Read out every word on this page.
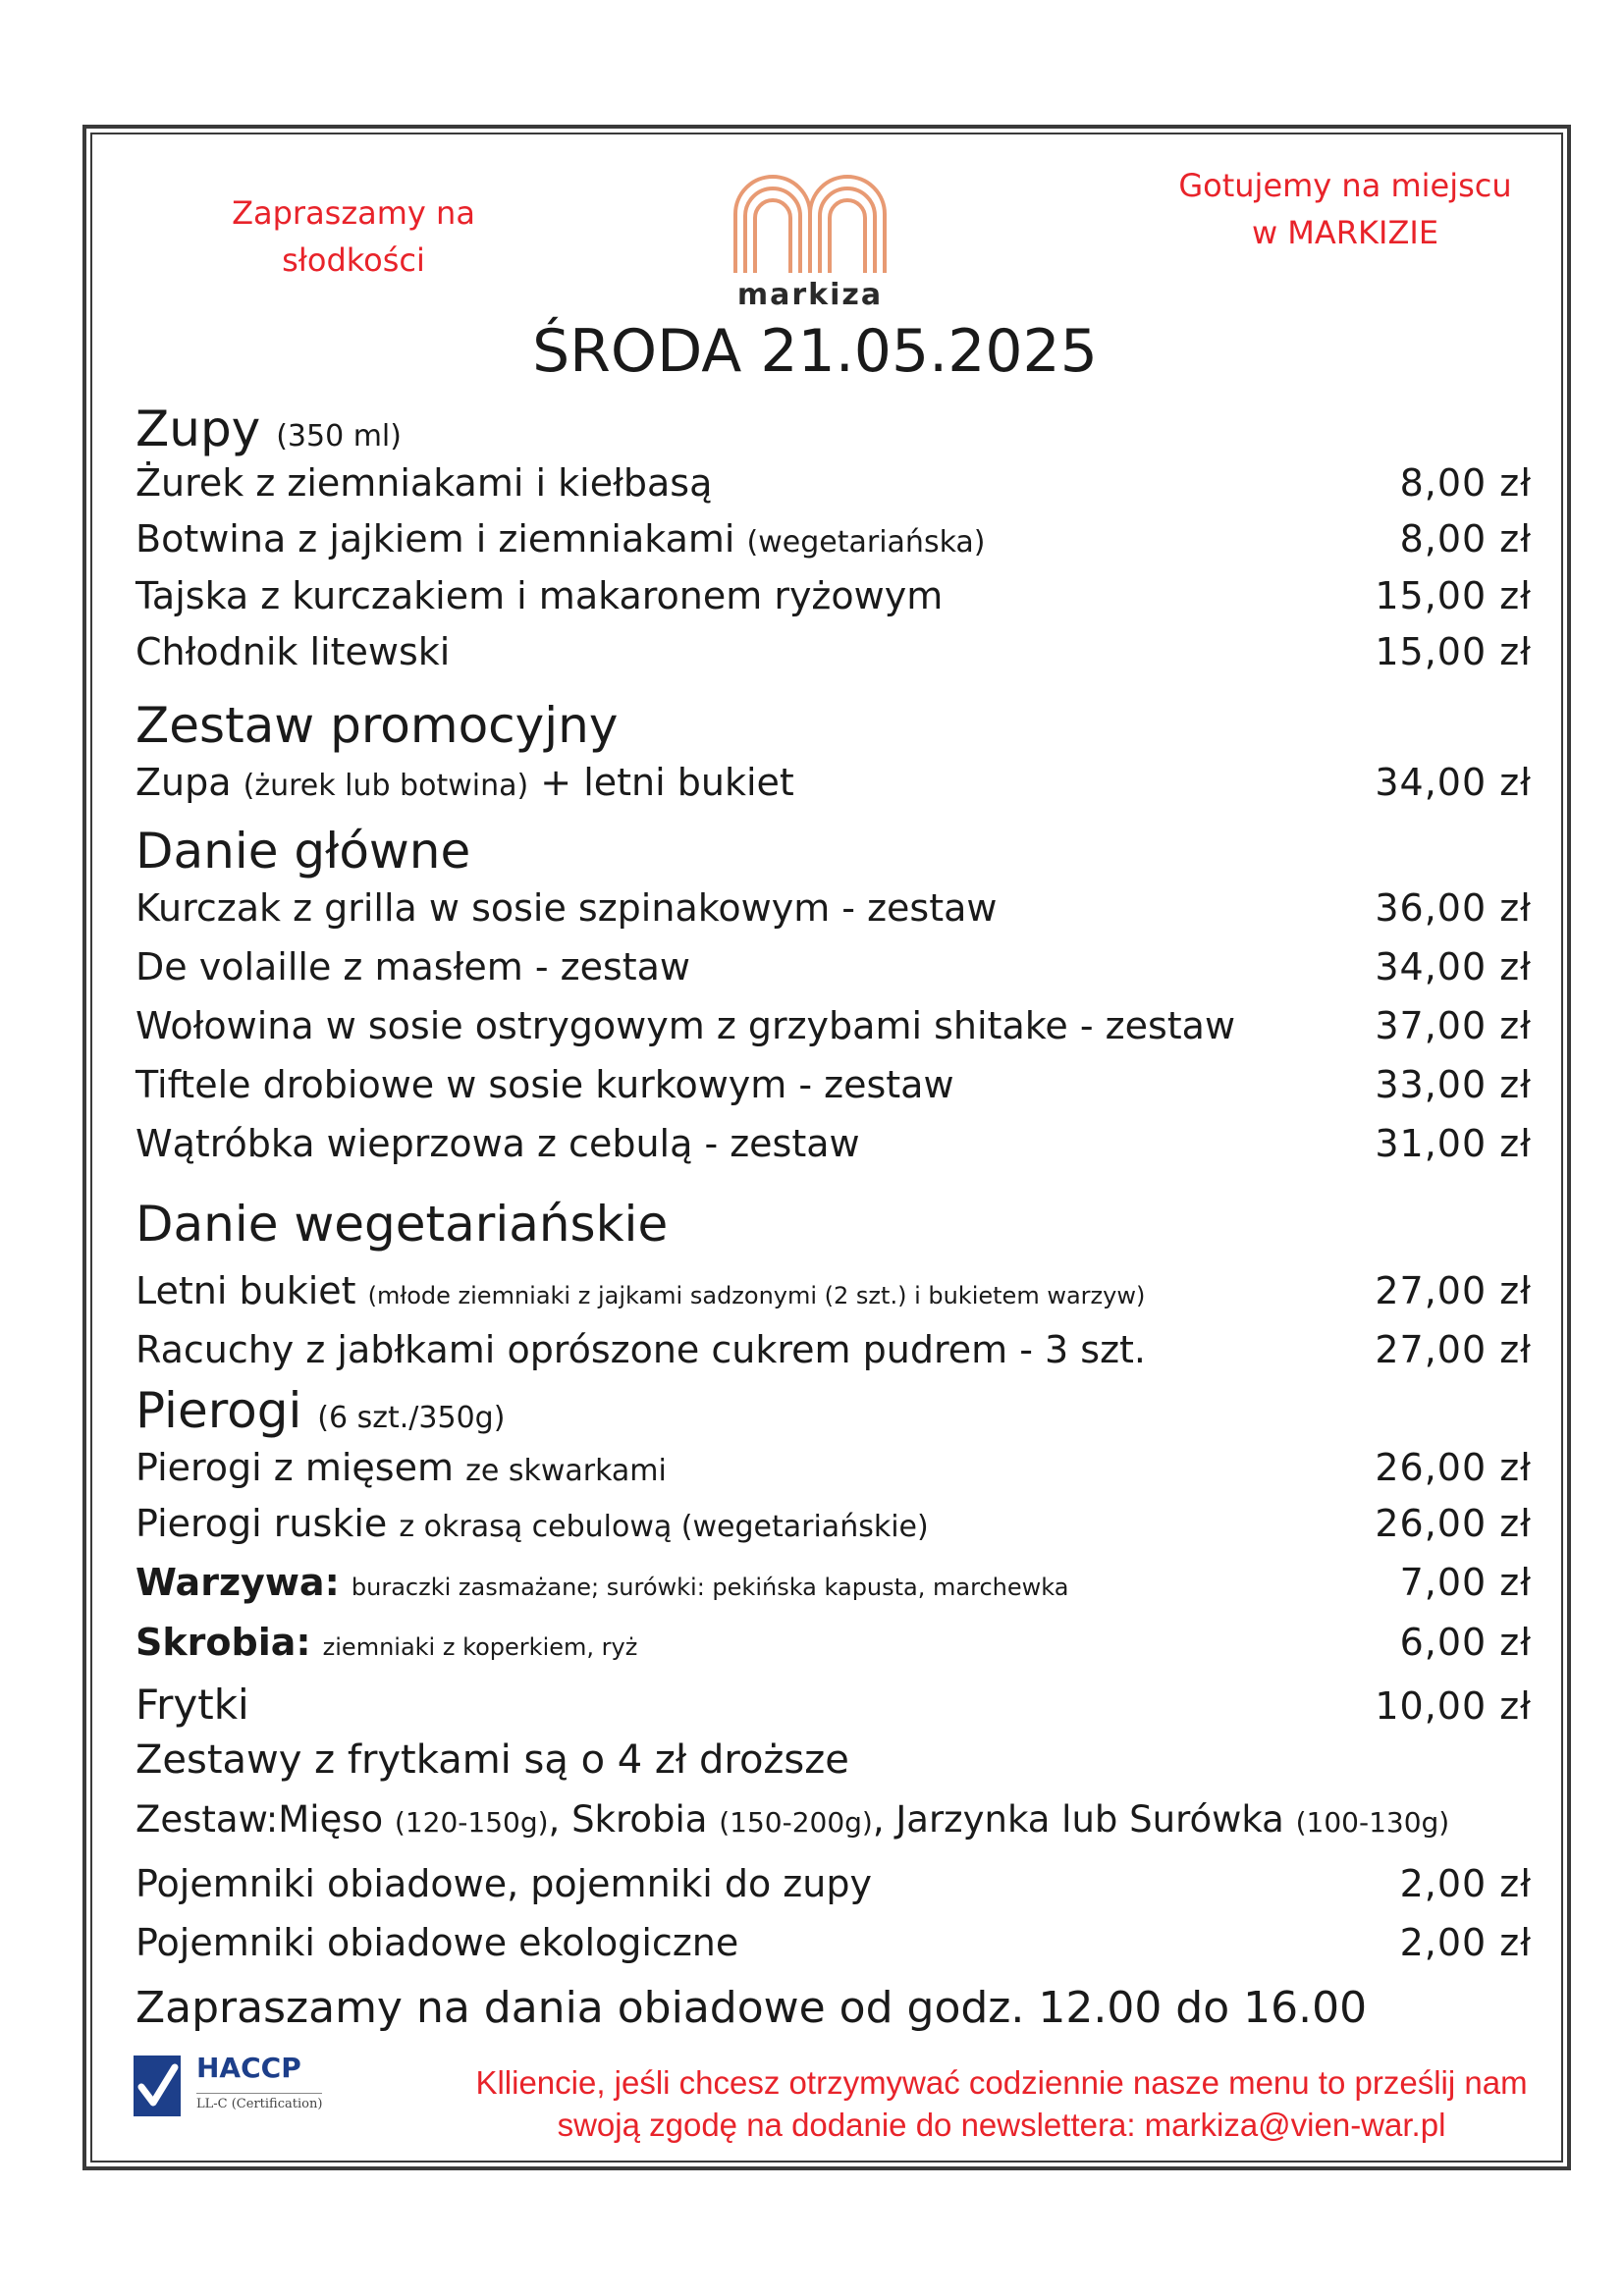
Zapraszamy na
słodkości
markiza
Gotujemy na miejscu
w MARKIZIE
ŚRODA 21.05.2025
Zupy (350 ml)
Żurek z ziemniakami i kiełbasą	8,00 zł
Botwina z jajkiem i ziemniakami (wegetariańska)	8,00 zł
Tajska z kurczakiem i makaronem ryżowym	15,00 zł
Chłodnik litewski	15,00 zł
Zestaw promocyjny
Zupa (żurek lub botwina) + letni bukiet	34,00 zł
Danie główne
Kurczak z grilla w sosie szpinakowym - zestaw	36,00 zł
De volaille z masłem - zestaw	34,00 zł
Wołowina w sosie ostrygowym z grzybami shitake - zestaw	37,00 zł
Tiftele drobiowe w sosie kurkowym - zestaw	33,00 zł
Wątróbka wieprzowa z cebulą - zestaw	31,00 zł
Danie wegetariańskie
Letni bukiet (młode ziemniaki z jajkami sadzonymi (2 szt.) i bukietem warzyw)	27,00 zł
Racuchy z jabłkami oprószone cukrem pudrem - 3 szt.	27,00 zł
Pierogi (6 szt./350g)
Pierogi z mięsem ze skwarkami	26,00 zł
Pierogi ruskie z okrasą cebulową (wegetariańskie)	26,00 zł
Warzywa: buraczki zasmażane; surówki: pekińska kapusta, marchewka	7,00 zł
Skrobia: ziemniaki z koperkiem, ryż	6,00 zł
Frytki	10,00 zł
Zestawy z frytkami są o 4 zł droższe
Zestaw:Mięso (120-150g), Skrobia (150-200g), Jarzynka lub Surówka (100-130g)
Pojemniki obiadowe, pojemniki do zupy	2,00 zł
Pojemniki obiadowe ekologiczne	2,00 zł
Zapraszamy na dania obiadowe od godz. 12.00 do 16.00
HACCP
LL-C (Certification)
Klliencie, jeśli chcesz otrzymywać codziennie nasze menu to prześlij nam
swoją zgodę na dodanie do newslettera: markiza@vien-war.pl
